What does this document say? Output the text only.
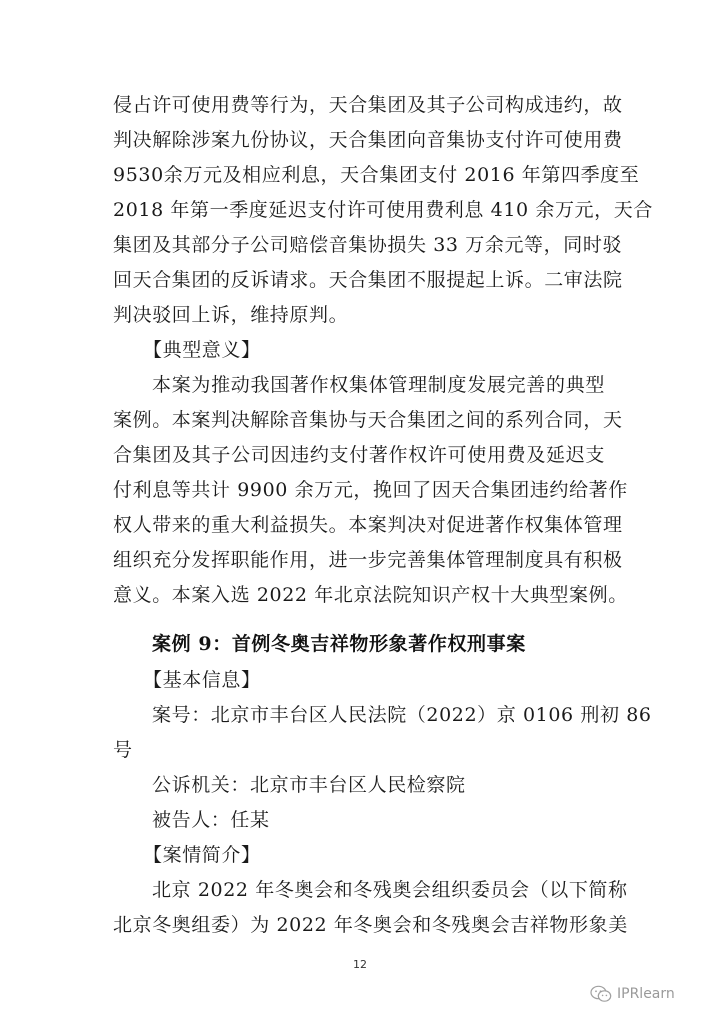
侵占许可使用费等行为，天合集团及其子公司构成违约，故
判决解除涉案九份协议，天合集团向音集协支付许可使用费
9530余万元及相应利息，天合集团支付 2016 年第四季度至
2018 年第一季度延迟支付许可使用费利息 410 余万元，天合
集团及其部分子公司赔偿音集协损失 33 万余元等，同时驳
回天合集团的反诉请求。天合集团不服提起上诉。二审法院
判决驳回上诉，维持原判。
【典型意义】
本案为推动我国著作权集体管理制度发展完善的典型
案例。本案判决解除音集协与天合集团之间的系列合同，天
合集团及其子公司因违约支付著作权许可使用费及延迟支
付利息等共计 9900 余万元，挽回了因天合集团违约给著作
权人带来的重大利益损失。本案判决对促进著作权集体管理
组织充分发挥职能作用，进一步完善集体管理制度具有积极
意义。本案入选 2022 年北京法院知识产权十大典型案例。
案例 9：首例冬奥吉祥物形象著作权刑事案
【基本信息】
案号：北京市丰台区人民法院（2022）京 0106 刑初 86
号
公诉机关：北京市丰台区人民检察院
被告人：任某
【案情简介】
北京 2022 年冬奥会和冬残奥会组织委员会（以下简称
北京冬奥组委）为 2022 年冬奥会和冬残奥会吉祥物形象美
12
IPRlearn
